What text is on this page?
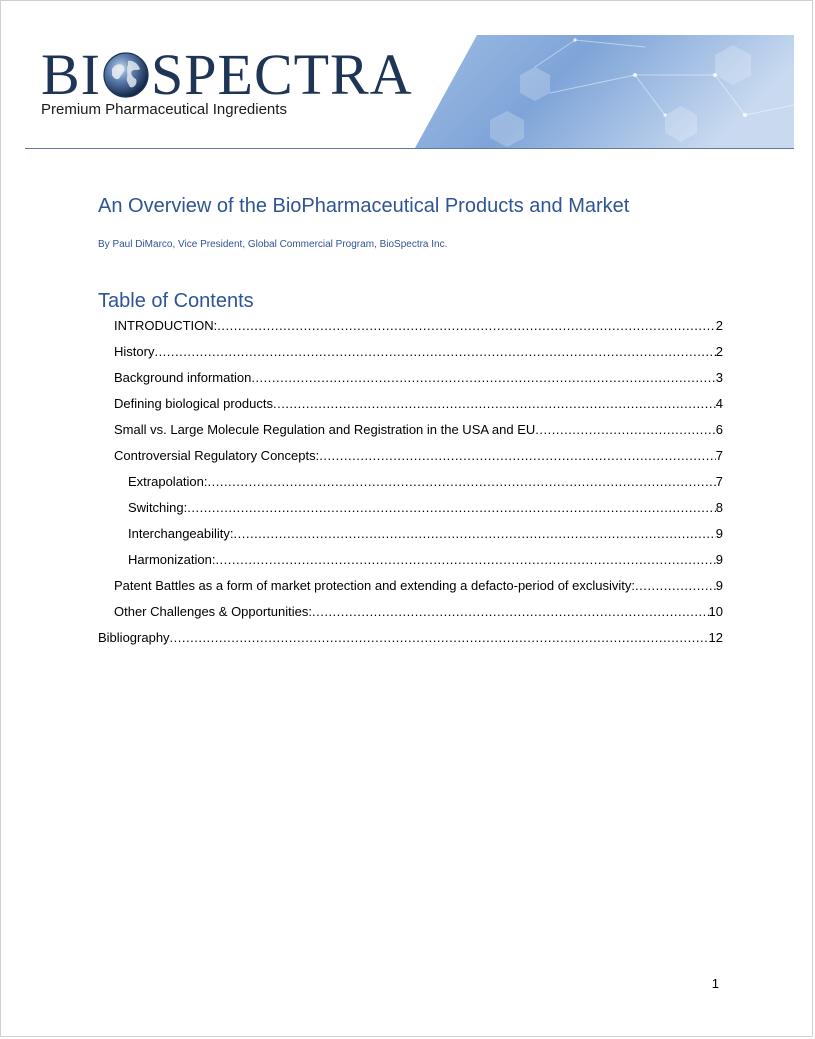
BI SPECTRA
Premium Pharmaceutical Ingredients
An Overview of the BioPharmaceutical Products and Market
By Paul DiMarco, Vice President, Global Commercial Program, BioSpectra Inc.
Table of Contents
INTRODUCTION: .....	2
History .....	2
Background information .....	3
Defining biological products .....	4
Small vs. Large Molecule Regulation and Registration in the USA and EU .....	6
Controversial Regulatory Concepts: .....	7
Extrapolation: .....	7
Switching: .....	8
Interchangeability: .....	9
Harmonization: .....	9
Patent Battles as a form of market protection and extending a defacto-period of exclusivity: .....	9
Other Challenges & Opportunities: .....	10
Bibliography .....	12
1
